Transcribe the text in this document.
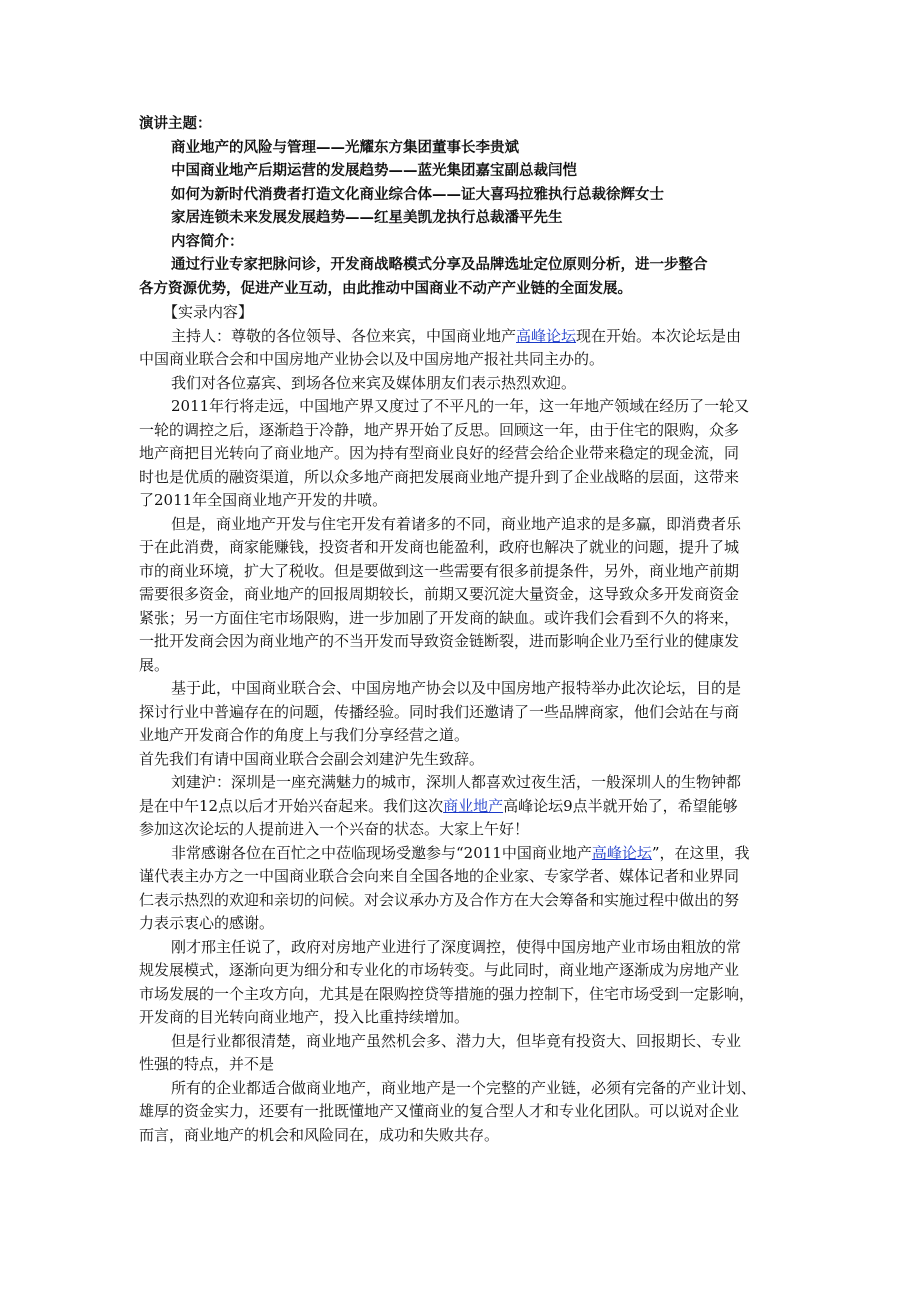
演讲主题：
商业地产的风险与管理——光耀东方集团董事长李贵斌
中国商业地产后期运营的发展趋势——蓝光集团嘉宝副总裁闫恺
如何为新时代消费者打造文化商业综合体——证大喜玛拉雅执行总裁徐辉女士
家居连锁未来发展发展趋势——红星美凯龙执行总裁潘平先生
内容简介：
通过行业专家把脉问诊，开发商战略模式分享及品牌选址定位原则分析，进一步整合
各方资源优势，促进产业互动，由此推动中国商业不动产产业链的全面发展。
【实录内容】
主持人：尊敬的各位领导、各位来宾，中国商业地产高峰论坛现在开始。本次论坛是由
中国商业联合会和中国房地产业协会以及中国房地产报社共同主办的。
我们对各位嘉宾、到场各位来宾及媒体朋友们表示热烈欢迎。
2011年行将走远，中国地产界又度过了不平凡的一年，这一年地产领域在经历了一轮又
一轮的调控之后，逐渐趋于冷静，地产界开始了反思。回顾这一年，由于住宅的限购，众多
地产商把目光转向了商业地产。因为持有型商业良好的经营会给企业带来稳定的现金流，同
时也是优质的融资渠道，所以众多地产商把发展商业地产提升到了企业战略的层面，这带来
了2011年全国商业地产开发的井喷。
但是，商业地产开发与住宅开发有着诸多的不同，商业地产追求的是多赢，即消费者乐
于在此消费，商家能赚钱，投资者和开发商也能盈利，政府也解决了就业的问题，提升了城
市的商业环境，扩大了税收。但是要做到这一些需要有很多前提条件，另外，商业地产前期
需要很多资金，商业地产的回报周期较长，前期又要沉淀大量资金，这导致众多开发商资金
紧张；另一方面住宅市场限购，进一步加剧了开发商的缺血。或许我们会看到不久的将来，
一批开发商会因为商业地产的不当开发而导致资金链断裂，进而影响企业乃至行业的健康发
展。
基于此，中国商业联合会、中国房地产协会以及中国房地产报特举办此次论坛，目的是
探讨行业中普遍存在的问题，传播经验。同时我们还邀请了一些品牌商家，他们会站在与商
业地产开发商合作的角度上与我们分享经营之道。
首先我们有请中国商业联合会副会刘建沪先生致辞。
刘建沪：深圳是一座充满魅力的城市，深圳人都喜欢过夜生活，一般深圳人的生物钟都
是在中午12点以后才开始兴奋起来。我们这次商业地产高峰论坛9点半就开始了，希望能够
参加这次论坛的人提前进入一个兴奋的状态。大家上午好！
非常感谢各位在百忙之中莅临现场受邀参与“2011中国商业地产高峰论坛”，在这里，我
谨代表主办方之一中国商业联合会向来自全国各地的企业家、专家学者、媒体记者和业界同
仁表示热烈的欢迎和亲切的问候。对会议承办方及合作方在大会筹备和实施过程中做出的努
力表示衷心的感谢。
刚才邢主任说了，政府对房地产业进行了深度调控，使得中国房地产业市场由粗放的常
规发展模式，逐渐向更为细分和专业化的市场转变。与此同时，商业地产逐渐成为房地产业
市场发展的一个主攻方向，尤其是在限购控贷等措施的强力控制下，住宅市场受到一定影响，
开发商的目光转向商业地产，投入比重持续增加。
但是行业都很清楚，商业地产虽然机会多、潜力大，但毕竟有投资大、回报期长、专业
性强的特点，并不是
所有的企业都适合做商业地产，商业地产是一个完整的产业链，必须有完备的产业计划、
雄厚的资金实力，还要有一批既懂地产又懂商业的复合型人才和专业化团队。可以说对企业
而言，商业地产的机会和风险同在，成功和失败共存。
